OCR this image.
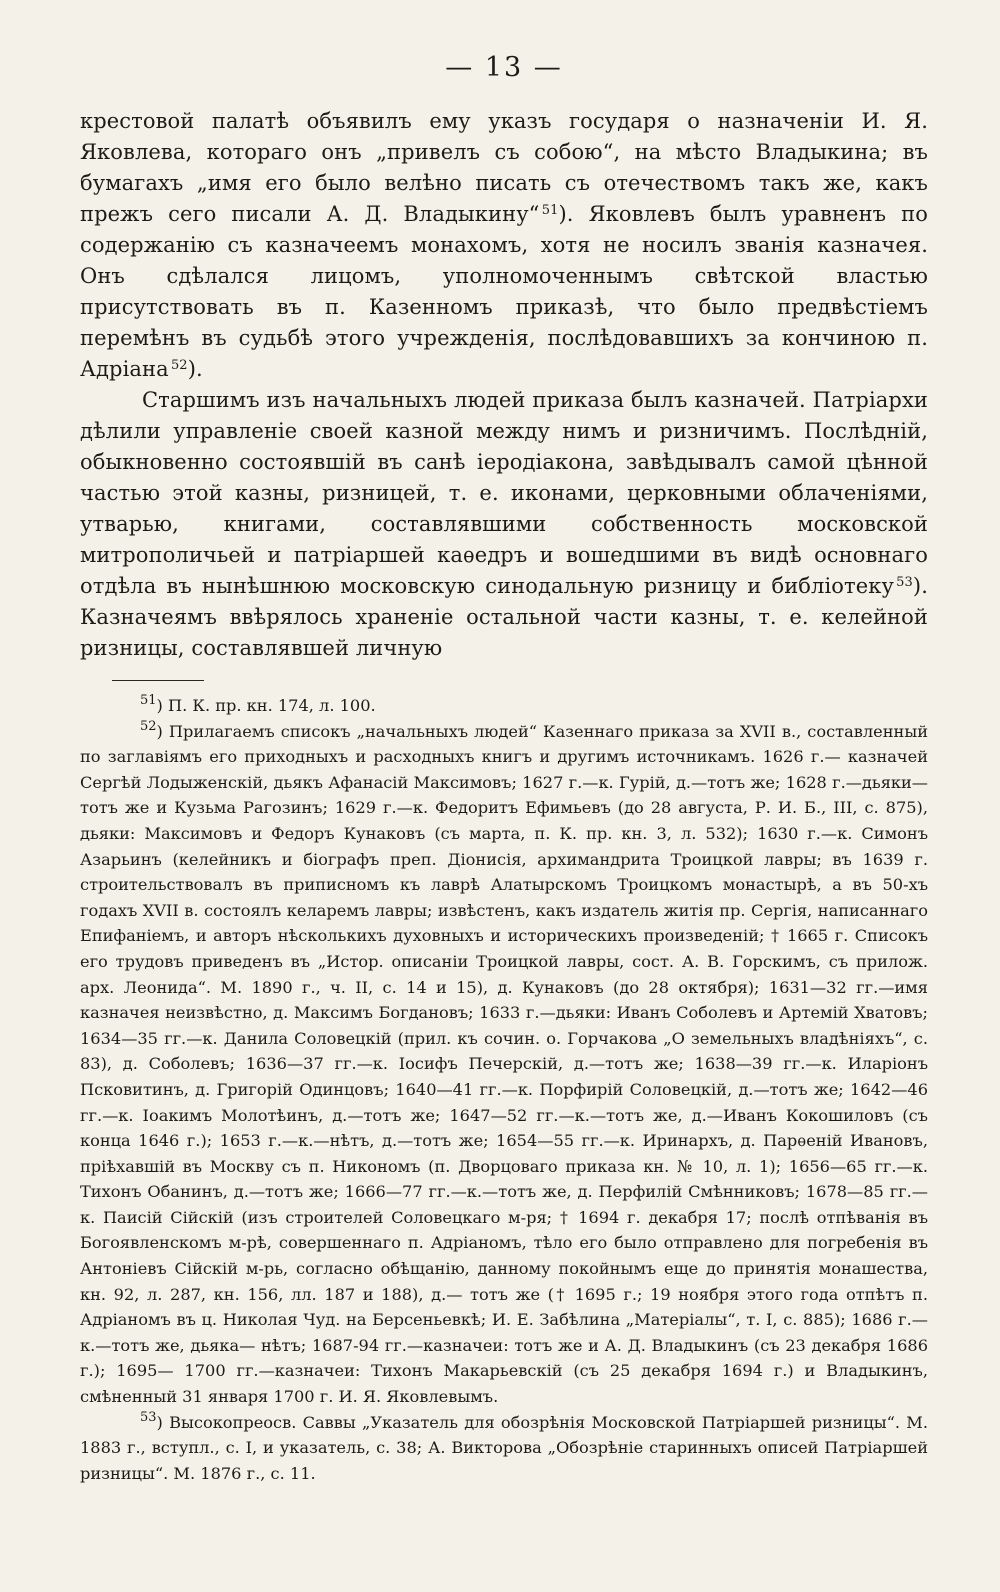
— 13 —

крестовой палатѣ объявилъ ему указъ государя о назначенiи И. Я. Яковлева, котораго онъ „привелъ съ собою“, на мѣсто Владыкина; въ бумагахъ „имя его было велѣно писать съ отечествомъ такъ же, какъ прежъ сего писали А. Д. Владыкину“  $^{51}$). Яковлевъ былъ уравненъ по содержанiю съ казначеемъ монахомъ, хотя не носилъ званiя казначея. Онъ сдѣлался лицомъ, уполномоченнымъ свѣтской властью присутствовать въ п. Казенномъ приказѣ, что было предвѣстiемъ перемѣнъ въ судьбѣ этого учрежденiя, послѣдовавшихъ за кончиною п. Адрiана  $^{52}$).

Старшимъ изъ начальныхъ людей приказа былъ казначей. Патрiархи дѣлили управленiе своей казной между нимъ и ризничимъ. Послѣднiй, обыкновенно состоявшiй въ санѣ iеродiакона, завѣдывалъ самой цѣнной частью этой казны, ризницей, т. е. иконами, церковными облаченiями, утварью, книгами, составлявшими собственность московской митрополичьей и патрiаршей каѳедръ и вошедшими въ видѣ основнаго отдѣла въ нынѣшнюю московскую синодальную ризницу и библiотеку  $^{53}$). Казначеямъ ввѣрялось храненiе остальной части казны, т. е. келейной ризницы, составлявшей личную

$^{51}$) П. К. пр. кн. 174, л. 100.

$^{52}$) Прилагаемъ списокъ „начальныхъ людей“ Казеннаго приказа за XVII в., составленный по заглавiямъ его приходныхъ и расходныхъ книгъ и другимъ источникамъ. 1626 г.— казначей Сергѣй Лодыженскiй, дьякъ Афанасiй Максимовъ; 1627 г.—к. Гурiй, д.—тотъ же; 1628 г.—дьяки—тотъ же и Кузьма Рагозинъ; 1629 г.—к. Федоритъ Ефимьевъ (до 28 августа, Р. И. Б., III, с. 875), дьяки: Максимовъ и Федоръ Кунаковъ (съ марта, п. К. пр. кн. 3, л. 532); 1630 г.—к. Симонъ Азарьинъ (келейникъ и бiографъ преп. Дiонисiя, архимандрита Троицкой лавры; въ 1639 г. строительствовалъ въ приписномъ къ лаврѣ Алатырскомъ Троицкомъ монастырѣ, а въ 50-хъ годахъ XVII в. состоялъ келаремъ лавры; извѣстенъ, какъ издатель житiя пр. Сергiя, написаннаго Епифанiемъ, и авторъ нѣсколькихъ духовныхъ и историческихъ произведенiй; † 1665 г. Списокъ его трудовъ приведенъ въ „Истор. описанiи Троицкой лавры, сост. А. В. Горскимъ, съ прилож. арх. Леонида“. М. 1890 г., ч. II, с. 14 и 15), д. Кунаковъ (до 28 октября); 1631—32 гг.—имя казначея неизвѣстно, д. Максимъ Богдановъ; 1633 г.—дьяки: Иванъ Соболевъ и Артемiй Хватовъ; 1634—35 гг.—к. Данила Соловецкiй (прил. къ сочин. о. Горчакова „О земельныхъ владѣнiяхъ“, с. 83), д. Соболевъ; 1636—37 гг.—к. Iосифъ Печерскiй, д.—тотъ же; 1638—39 гг.—к. Иларiонъ Псковитинъ, д. Григорiй Одинцовъ; 1640—41 гг.—к. Порфирiй Соловецкiй, д.—тотъ же; 1642—46 гг.—к. Iоакимъ Молотѣинъ, д.—тотъ же; 1647—52 гг.—к.—тотъ же, д.—Иванъ Кокошиловъ (съ конца 1646 г.); 1653 г.—к.—нѣтъ, д.—тотъ же; 1654—55 гг.—к. Иринархъ, д. Парѳенiй Ивановъ, прiѣхавшiй въ Москву съ п. Никономъ (п. Дворцоваго приказа кн. № 10, л. 1); 1656—65 гг.—к. Тихонъ Обанинъ, д.—тотъ же; 1666—77 гг.—к.—тотъ же, д. Перфилiй Смѣнниковъ; 1678—85 гг.—к. Паисiй Сiйскiй (изъ строителей Соловецкаго м-ря; † 1694 г. декабря 17; послѣ отпѣванiя въ Богоявленскомъ м-рѣ, совершеннаго п. Адрiаномъ, тѣло его было отправлено для погребенiя въ Антонiевъ Сiйскiй м-рь, согласно обѣщанiю, данному покойнымъ еще до принятiя монашества, кн. 92, л. 287, кн. 156, лл. 187 и 188), д.— тотъ же († 1695 г.; 19 ноября этого года отпѣтъ п. Адрiаномъ въ ц. Николая Чуд. на Берсеньевкѣ; И. Е. Забѣлина „Матерiалы“, т. I, с. 885); 1686 г.—к.—тотъ же, дьяка— нѣтъ; 1687-94 гг.—казначеи: тотъ же и А. Д. Владыкинъ (съ 23 декабря 1686 г.); 1695— 1700 гг.—казначеи: Тихонъ Макарьевскiй (съ 25 декабря 1694 г.) и Владыкинъ, смѣненный 31 января 1700 г. И. Я. Яковлевымъ.

$^{53}$) Высокопреосв. Саввы „Указатель для обозрѣнiя Московской Патрiаршей ризницы“. М. 1883 г., вступл., с. I, и указатель, с. 38; А. Викторова „Обозрѣнiе старинныхъ описей Патрiаршей ризницы“. М. 1876 г., с. 11.
